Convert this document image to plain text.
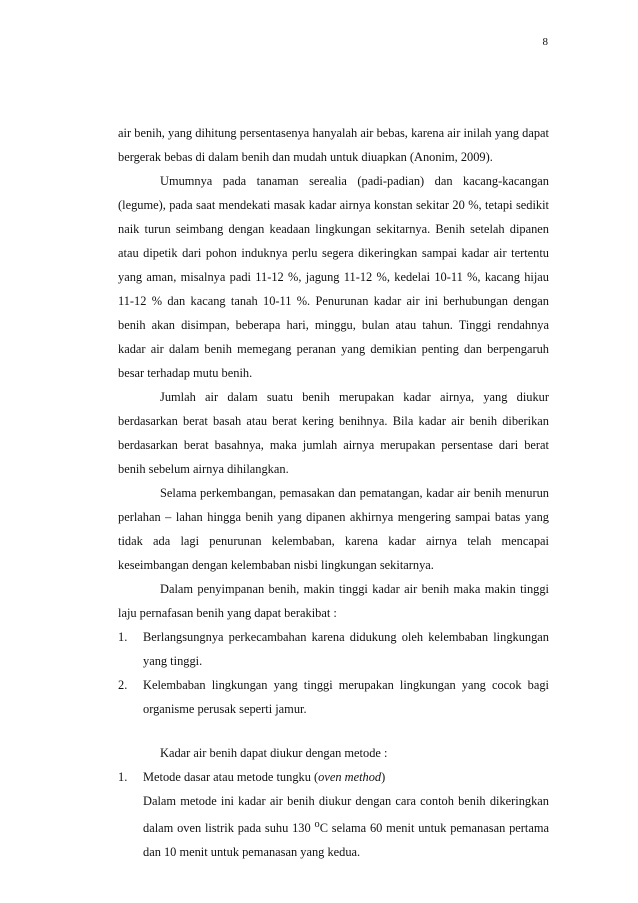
8

air benih, yang dihitung persentasenya hanyalah air bebas, karena air inilah yang dapat bergerak bebas di dalam benih dan mudah untuk diuapkan (Anonim, 2009).

Umumnya pada tanaman serealia (padi-padian) dan kacang-kacangan (legume), pada saat mendekati masak kadar airnya konstan sekitar 20 %, tetapi sedikit naik turun seimbang dengan keadaan lingkungan sekitarnya. Benih setelah dipanen atau dipetik dari pohon induknya perlu segera dikeringkan sampai kadar air tertentu yang aman, misalnya padi 11-12 %, jagung 11-12 %, kedelai 10-11 %, kacang hijau 11-12 % dan kacang tanah 10-11 %. Penurunan kadar air ini berhubungan dengan benih akan disimpan, beberapa hari, minggu, bulan atau tahun. Tinggi rendahnya kadar air dalam benih memegang peranan yang demikian penting dan berpengaruh besar terhadap mutu benih.

Jumlah air dalam suatu benih merupakan kadar airnya, yang diukur berdasarkan berat basah atau berat kering benihnya. Bila kadar air benih diberikan berdasarkan berat basahnya, maka jumlah airnya merupakan persentase dari berat benih sebelum airnya dihilangkan.

Selama perkembangan, pemasakan dan pematangan, kadar air benih menurun perlahan – lahan hingga benih yang dipanen akhirnya mengering sampai batas yang tidak ada lagi penurunan kelembaban, karena kadar airnya telah mencapai keseimbangan dengan kelembaban nisbi lingkungan sekitarnya.

Dalam penyimpanan benih, makin tinggi kadar air benih maka makin tinggi laju pernafasan benih yang dapat berakibat :

1. Berlangsungnya perkecambahan karena didukung oleh kelembaban lingkungan yang tinggi.
2. Kelembaban lingkungan yang tinggi merupakan lingkungan yang cocok bagi organisme perusak seperti jamur.

Kadar air benih dapat diukur dengan metode :

1. Metode dasar atau metode tungku (oven method)

Dalam metode ini kadar air benih diukur dengan cara contoh benih dikeringkan dalam oven listrik pada suhu 130 $^o$C selama 60 menit untuk pemanasan pertama dan 10 menit untuk pemanasan yang kedua.
